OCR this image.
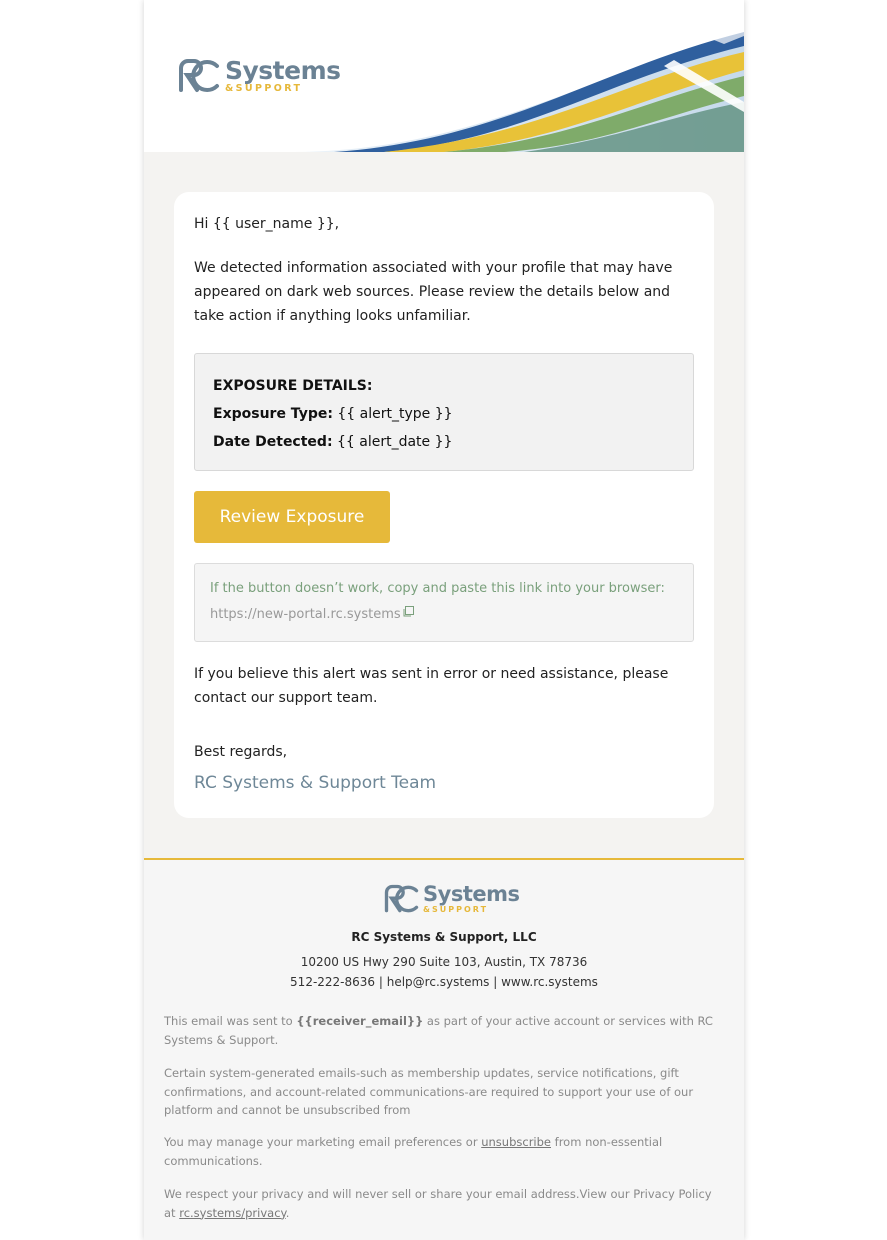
Systems
&SUPPORT
Hi {{ user_name }},
We detected information associated with your profile that may have appeared on dark web sources. Please review the details below and take action if anything looks unfamiliar.
EXPOSURE DETAILS:
Exposure Type: {{ alert_type }}
Date Detected: {{ alert_date }}
Review Exposure
If the button doesn’t work, copy and paste this link into your browser:
https://new-portal.rc.systems
If you believe this alert was sent in error or need assistance, please contact our support team.
Best regards,
RC Systems & Support Team
Systems
&SUPPORT
RC Systems & Support, LLC
10200 US Hwy 290 Suite 103, Austin, TX 78736
512-222-8636 | help@rc.systems | www.rc.systems
This email was sent to {{receiver_email}} as part of your active account or services with RC Systems & Support.
Certain system-generated emails-such as membership updates, service notifications, gift confirmations, and account-related communications-are required to support your use of our platform and cannot be unsubscribed from
You may manage your marketing email preferences or unsubscribe from non-essential communications.
We respect your privacy and will never sell or share your email address.View our Privacy Policy at rc.systems/privacy.
